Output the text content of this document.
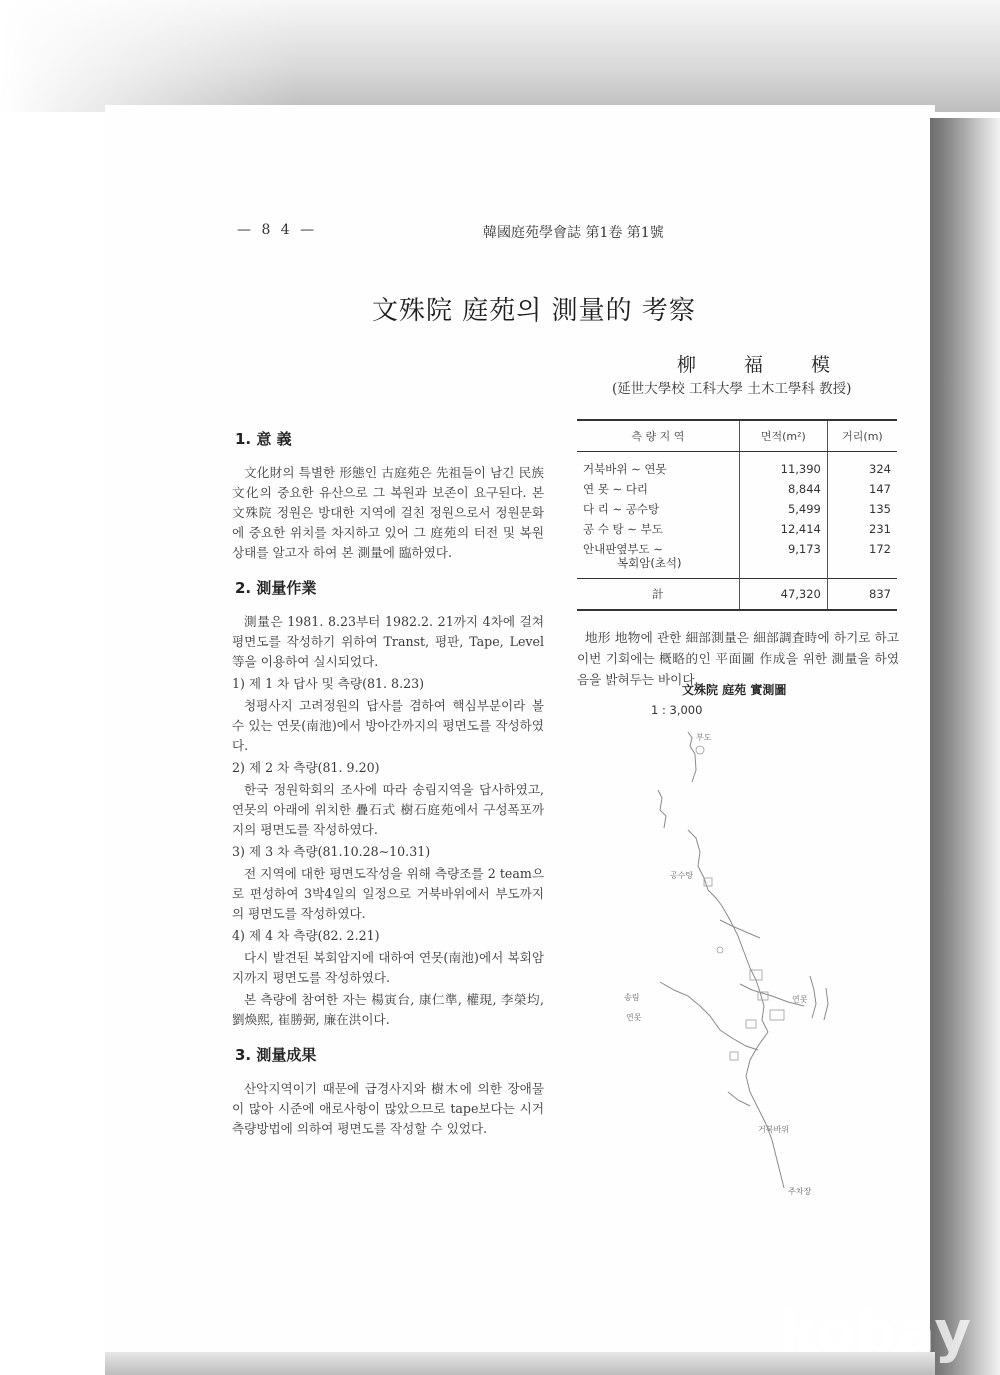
— 8 4 —	韓國庭苑學會誌 第1卷 第1號
文殊院 庭苑의 測量的 考察
柳福模
(延世大學校 工科大學 土木工學科 教授)
1. 意 義

文化財의 특별한 形態인 古庭苑은 先祖들이 남긴 民族文化의 중요한 유산으로 그 복원과 보존이 요구된다. 본 文殊院 정원은 방대한 지역에 걸친 정원으로서 정원문화에 중요한 위치를 차지하고 있어 그 庭苑의 터전 및 복원상태를 알고자 하여 본 測量에 臨하였다.

2. 測量作業

測量은 1981. 8.23부터 1982.2. 21까지 4차에 걸쳐 평면도를 작성하기 위하여 Transt, 평판, Tape, Level 等을 이용하여 실시되었다.

1) 제 1 차 답사 및 측량(81. 8.23)

청평사지 고려정원의 답사를 겸하여 핵심부분이라 볼 수 있는 연못(南池)에서 방아간까지의 평면도를 작성하였다.

2) 제 2 차 측량(81. 9.20)

한국 정원학회의 조사에 따라 송림지역을 답사하였고, 연못의 아래에 위치한 疊石式 樹石庭苑에서 구성폭포까지의 평면도를 작성하였다.

3) 제 3 차 측량(81.10.28∼10.31)

전 지역에 대한 평면도작성을 위해 측량조를 2 team으로 편성하여 3박4일의 일정으로 거북바위에서 부도까지의 평면도를 작성하였다.

4) 제 4 차 측량(82. 2.21)

다시 발견된 복회암지에 대하여 연못(南池)에서 복회암지까지 평면도를 작성하였다.

본 측량에 참여한 자는 楊寅台, 康仁準, 權現, 李榮均, 劉煥熙, 崔勝弼, 廉在洪이다.

3. 測量成果

산악지역이기 때문에 급경사지와 樹木에 의한 장애물이 많아 시준에 애로사항이 많았으므로 tape보다는 시거측량방법에 의하여 평면도를 작성할 수 있었다.

측 량 지 역	면적(m²)	거리(m)
거북바위 ∼ 연못	11,390	324
연 못 ∼ 다리	8,844	147
다 리 ∼ 공수탕	5,499	135
공 수 탕 ∼ 부도	12,414	231
안내판옆부도 ∼
복회암(초석)	9,173	172
計	47,320	837

地形 地物에 관한 細部測量은 細部調査時에 하기로 하고 이번 기회에는 概略的인 平面圖 作成을 위한 測量을 하였음을 밝혀두는 바이다.

文殊院 庭苑 實測圖
1 : 3,000
부도
공수탕
송림
연못
연못
거북바위
주차장
kobay
